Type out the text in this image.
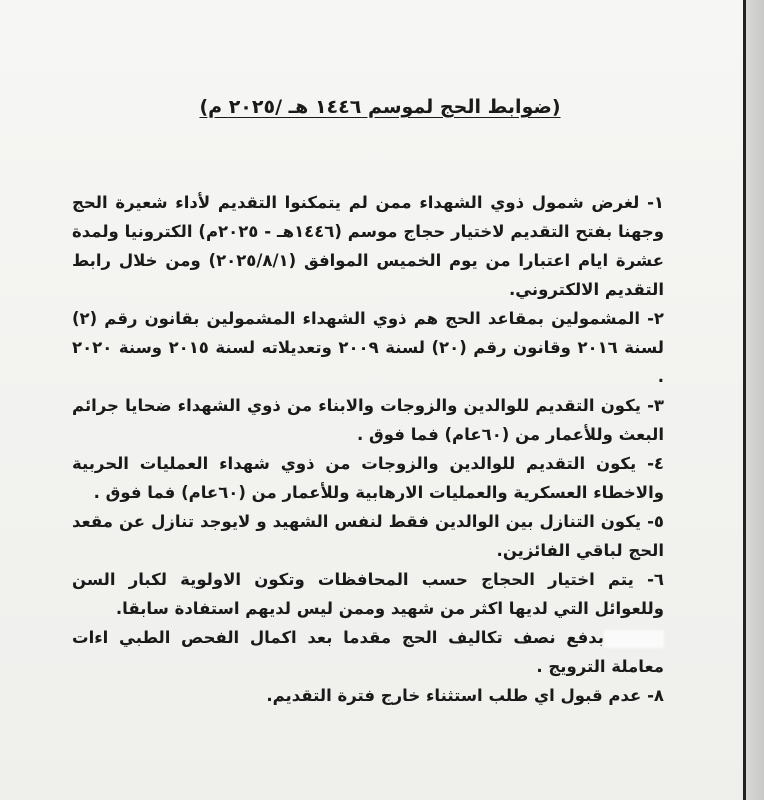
(ضوابط الحج لموسم ١٤٤٦ هـ /٢٠٢٥ م)
١- لغرض شمول ذوي الشهداء ممن لم يتمكنوا التقديم لأداء شعيرة الحج وجهنا بفتح التقديم لاختيار حجاج موسم (١٤٤٦هـ - ٢٠٢٥م) الكترونيا ولمدة عشرة ايام اعتبارا من يوم الخميس الموافق (٢٠٢٥/٨/١) ومن خلال رابط التقديم الالكتروني.
٢- المشمولين بمقاعد الحج هم ذوي الشهداء المشمولين بقانون رقم (٢) لسنة ٢٠١٦ وقانون رقم (٢٠) لسنة ٢٠٠٩ وتعديلاته لسنة ٢٠١٥ وسنة ٢٠٢٠ .
٣- يكون التقديم للوالدين والزوجات والابناء من ذوي الشهداء ضحايا جرائم البعث وللأعمار من (٦٠عام) فما فوق .
٤- يكون التقديم للوالدين والزوجات من ذوي شهداء العمليات الحربية والاخطاء العسكرية والعمليات الارهابية وللأعمار من (٦٠عام) فما فوق .
٥- يكون التنازل بين الوالدين فقط لنفس الشهيد و لايوجد تنازل عن مقعد الحج لباقي الفائزين.
٦- يتم اختيار الحجاج حسب المحافظات وتكون الاولوية لكبار السن وللعوائل التي لديها اكثر من شهيد وممن ليس لديهم استفادة سابقا.
بدفع نصف تكاليف الحج مقدما بعد اكمال الفحص الطبي اءات معاملة الترويج .
٨- عدم قبول اي طلب استثناء خارج فترة التقديم.
